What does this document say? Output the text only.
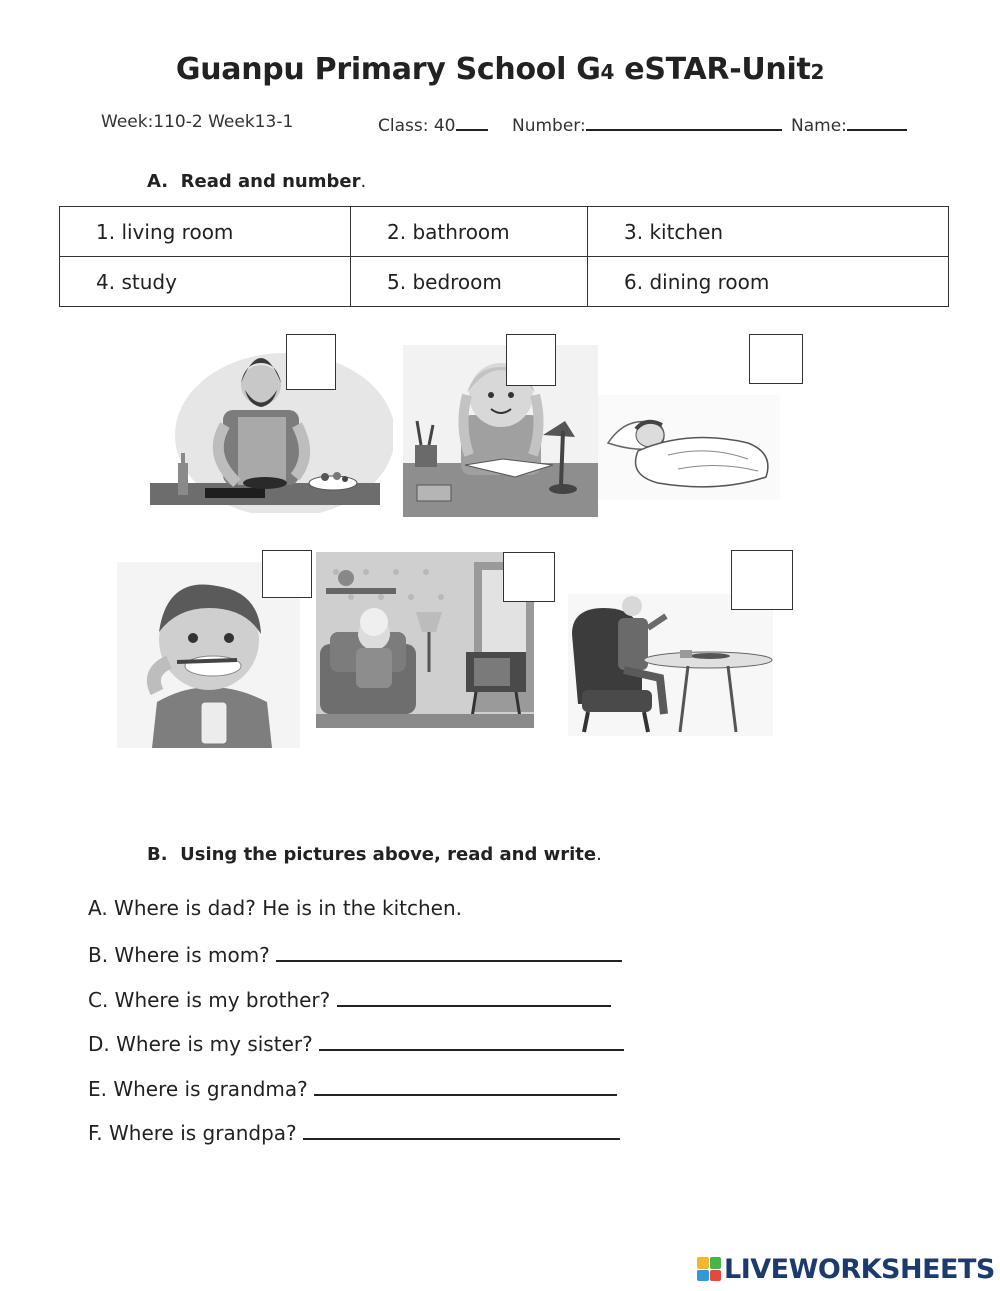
Guanpu Primary School G4 eSTAR-Unit2
Week:110-2 Week13-1	Class: 40	Number:	Name:
A.  Read and number.
1. living room	2. bathroom	3. kitchen
4. study	5. bedroom	6. dining room
B.  Using the pictures above, read and write.
A. Where is dad? He is in the kitchen.
B. Where is mom?
C. Where is my brother?
D. Where is my sister?
E. Where is grandma?
F. Where is grandpa?
LIVEWORKSHEETS
